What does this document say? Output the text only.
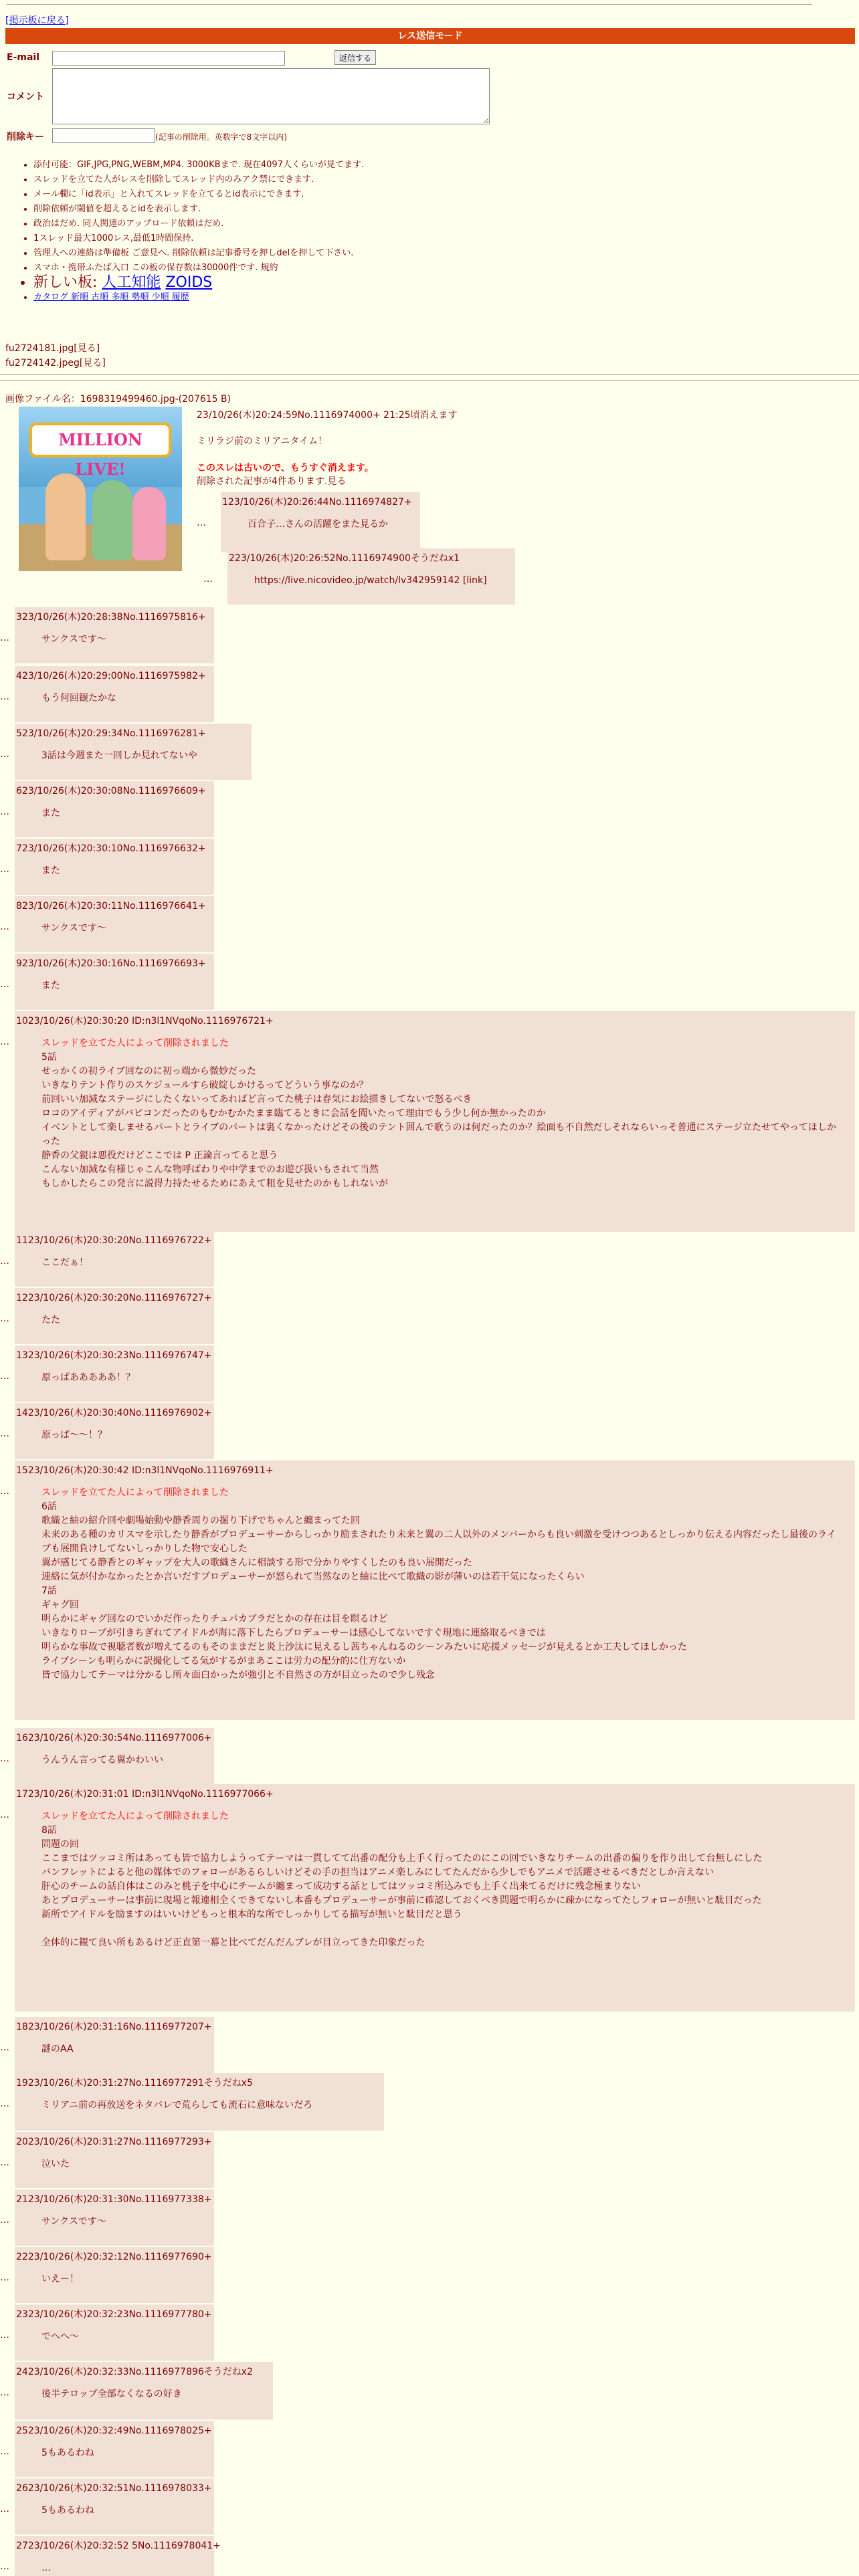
[掲示板に戻る]
レス送信モード
E-mail	返信する
コメント
削除キー	(記事の削除用。英数字で8文字以内)
• 添付可能：GIF,JPG,PNG,WEBM,MP4. 3000KBまで. 現在4097人くらいが見てます.
• スレッドを立てた人がレスを削除してスレッド内のみアク禁にできます.
• メール欄に「id表示」と入れてスレッドを立てるとid表示にできます.
• 削除依頼が閾値を超えるとidを表示します.
• 政治はだめ. 同人関連のアップロード依頼はだめ.
• 1スレッド最大1000レス,最低1時間保持.
• 管理人への連絡は準備板 ご意見へ. 削除依頼は記事番号を押しdelを押して下さい.
• スマホ・携帯ふたば入口 この板の保存数は30000件です. 規約
• 新しい板: 人工知能 ZOIDS
• カタログ 新順 古順 多順 勢順 少順 履歴
fu2724181.jpg[見る]
fu2724142.jpeg[見る]
画像ファイル名：1698319499460.jpg-(207615 B)
MILLION LIVE!
23/10/26(木)20:24:59No.1116974000+ 21:25頃消えます
ミリラジ前のミリアニタイム！
このスレは古いので、もうすぐ消えます。
削除された記事が4件あります.見る
…
123/10/26(木)20:26:44No.1116974827+
百合子…さんの活躍をまた見るか
…
223/10/26(木)20:26:52No.1116974900そうだねx1
https://live.nicovideo.jp/watch/lv342959142 [link]
…
323/10/26(木)20:28:38No.1116975816+
サンクスです〜
…
423/10/26(木)20:29:00No.1116975982+
もう何回観たかな
…
523/10/26(木)20:29:34No.1116976281+
3話は今週また一回しか見れてないや
…
623/10/26(木)20:30:08No.1116976609+
また
…
723/10/26(木)20:30:10No.1116976632+
また
…
823/10/26(木)20:30:11No.1116976641+
サンクスです〜
…
923/10/26(木)20:30:16No.1116976693+
また
…
1023/10/26(木)20:30:20 ID:n3l1NVqoNo.1116976721+
スレッドを立てた人によって削除されました
5話
せっかくの初ライブ回なのに初っ端から微妙だった
いきなりテント作りのスケジュールすら破綻しかけるってどういう事なのか？
前回いい加減なステージにしたくないってあればど言ってた桃子は春気にお絵描きしてないで怒るべき
ロコのアイディアがバビコンだったのもむかむかたまま臨てるときに会話を聞いたって理由でもう少し何か無かったのか
イベントとして楽しませるパートとライブのパートは裏くなかったけどその後のテント囲んで歌うのは何だったのか？絵面も不自然だしそれならいっそ普通にステージ立たせてやってほしかった
静香の父親は悪役だけどここでは P 正論言ってると思う
こんない加減な有様じゃこんな物呼ばわりや中学までのお遊び扱いもされて当然
もしかしたらこの発言に説得力持たせるためにあえて粗を見せたのかもしれないが
…
1123/10/26(木)20:30:20No.1116976722+
ここだぁ！
…
1223/10/26(木)20:30:20No.1116976727+
たた
…
1323/10/26(木)20:30:23No.1116976747+
原っぱあああああ！？
…
1423/10/26(木)20:30:40No.1116976902+
原っぱ〜〜！？
…
1523/10/26(木)20:30:42 ID:n3l1NVqoNo.1116976911+
スレッドを立てた人によって削除されました
6話
歌織と紬の紹介回や劇場始動や静香周りの掘り下げでちゃんと纏まってた回
未来のある種のカリスマを示したり静香がプロデューサーからしっかり励まされたり未来と翼の二人以外のメンバーからも良い刺激を受けつつあるとしっかり伝える内容だったし最後のライブも展開負けしてないしっかりした物で安心した
翼が感じてる静香とのギャップを大人の歌織さんに相談する形で分かりやすくしたのも良い展開だった
連絡に気が付かなかったとか言いだすプロデューサーが怒られて当然なのと紬に比べて歌織の影が薄いのは若干気になったくらい
7話
ギャグ回
明らかにギャグ回なのでいかだ作ったりチュパカブラだとかの存在は目を瞑るけど
いきなりロープが引きちぎれてアイドルが海に落下したらプロデューサーは感心してないですぐ現地に連絡取るべきでは
明らかな事故で視聴者数が増えてるのもそのままだと炎上沙汰に見えるし茜ちゃんねるのシーンみたいに応援メッセージが見えるとか工夫してほしかった
ライブシーンも明らかに訳撮化してる気がするがまあここは労力の配分的に仕方ないか
皆で協力してテーマは分かるし所々面白かったが強引と不自然さの方が目立ったので少し残念
…
1623/10/26(木)20:30:54No.1116977006+
うんうん言ってる翼かわいい
…
1723/10/26(木)20:31:01 ID:n3l1NVqoNo.1116977066+
スレッドを立てた人によって削除されました
8話
問題の回
ここまではツッコミ所はあっても皆で協力しようってテーマは一貫してて出番の配分も上手く行ってたのにこの回でいきなりチームの出番の偏りを作り出して台無しにした
バンフレットによると他の媒体でのフォローがあるらしいけどその手の担当はアニメ楽しみにしてたんだから少しでもアニメで活躍させるべきだとしか言えない
肝心のチームの話自体はこのみと桃子を中心にチームが纏まって成功する話としてはツッコミ所込みでも上手く出来てるだけに残念極まりない
あとプロデューサーは事前に現場と報連相全くできてないし本番もプロデューサーが事前に確認しておくべき問題で明らかに疎かになってたしフォローが無いと駄目だった
新所でアイドルを励ますのはいいけどもっと根本的な所でしっかりしてる描写が無いと駄目だと思う

全体的に観て良い所もあるけど正直第一幕と比べてだんだんブレが目立ってきた印象だった
…
1823/10/26(木)20:31:16No.1116977207+
謎のAA
…
1923/10/26(木)20:31:27No.1116977291そうだねx5
ミリアニ前の再放送をネタバレで荒らしても流石に意味ないだろ
…
2023/10/26(木)20:31:27No.1116977293+
泣いた
…
2123/10/26(木)20:31:30No.1116977338+
サンクスです〜
…
2223/10/26(木)20:32:12No.1116977690+
いえー！
…
2323/10/26(木)20:32:23No.1116977780+
でへへ〜
…
2423/10/26(木)20:32:33No.1116977896そうだねx2
後半テロップ全部なくなるの好き
…
2523/10/26(木)20:32:49No.1116978025+
5もあるわね
…
2623/10/26(木)20:32:51No.1116978033+
5もあるわね
…
2723/10/26(木)20:32:52 5No.1116978041+
…
